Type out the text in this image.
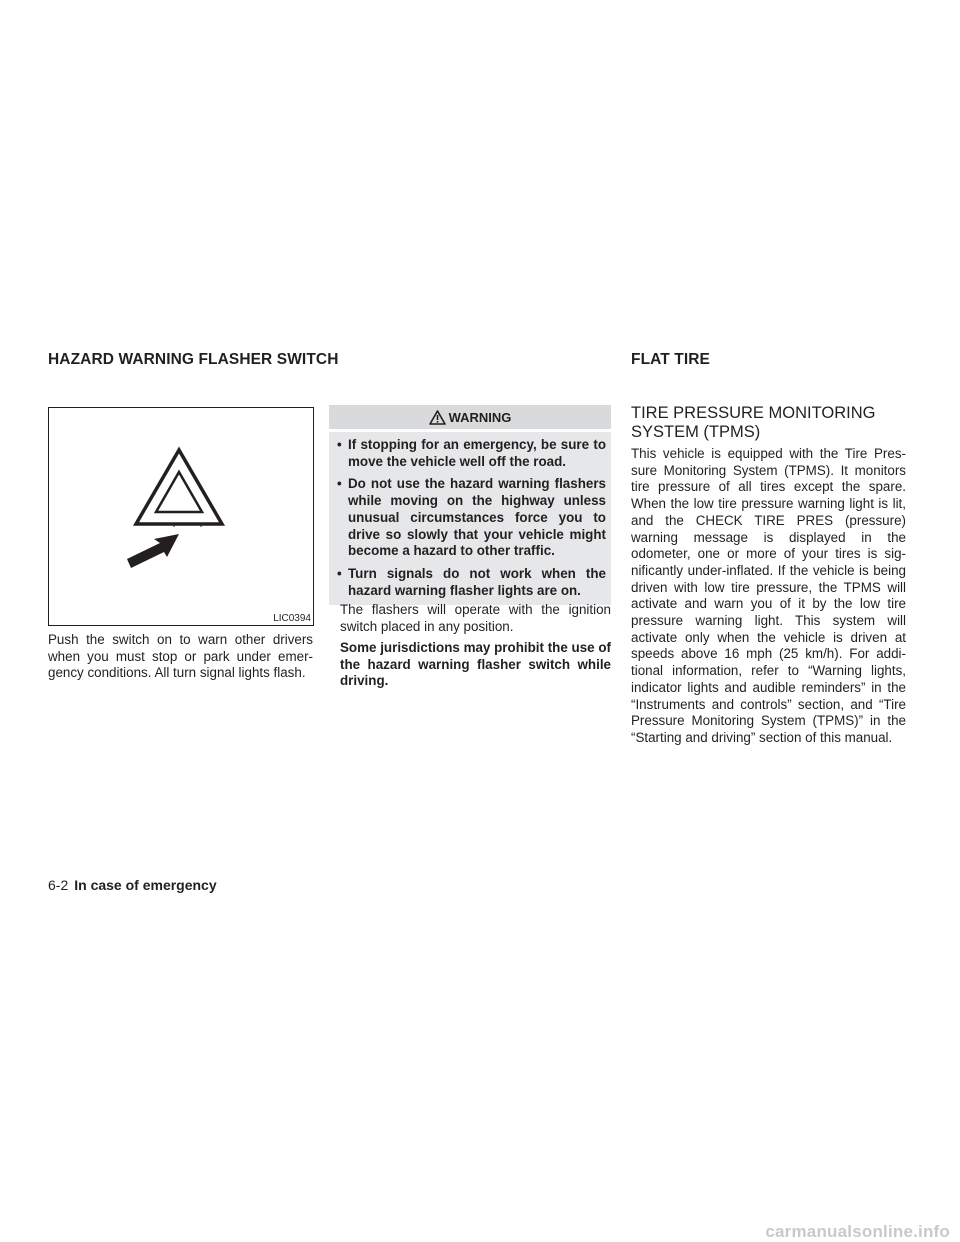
HAZARD WARNING FLASHER SWITCH	FLAT TIRE
LIC0394

Push the switch on to warn other drivers when you must stop or park under emergency conditions. All turn signal lights flash.

WARNING
• If stopping for an emergency, be sure to move the vehicle well off the road.
• Do not use the hazard warning flashers while moving on the highway unless unusual circumstances force you to drive so slowly that your vehicle might become a hazard to other traffic.
• Turn signals do not work when the hazard warning flasher lights are on.

The flashers will operate with the ignition switch placed in any position.

Some jurisdictions may prohibit the use of the hazard warning flasher switch while driving.

TIRE PRESSURE MONITORING
SYSTEM (TPMS)

This vehicle is equipped with the Tire Pressure Monitoring System (TPMS). It monitors tire pressure of all tires except the spare. When the low tire pressure warning light is lit, and the CHECK TIRE PRES (pressure) warning message is displayed in the odometer, one or more of your tires is significantly under-inflated. If the vehicle is being driven with low tire pressure, the TPMS will activate and warn you of it by the low tire pressure warning light. This system will activate only when the vehicle is driven at speeds above 16 mph (25 km/h). For additional information, refer to “Warning lights, indicator lights and audible reminders” in the “Instruments and controls” section, and “Tire Pressure Monitoring System (TPMS)” in the “Starting and driving” section of this manual.

6-2 In case of emergency
carmanualsonline.info
